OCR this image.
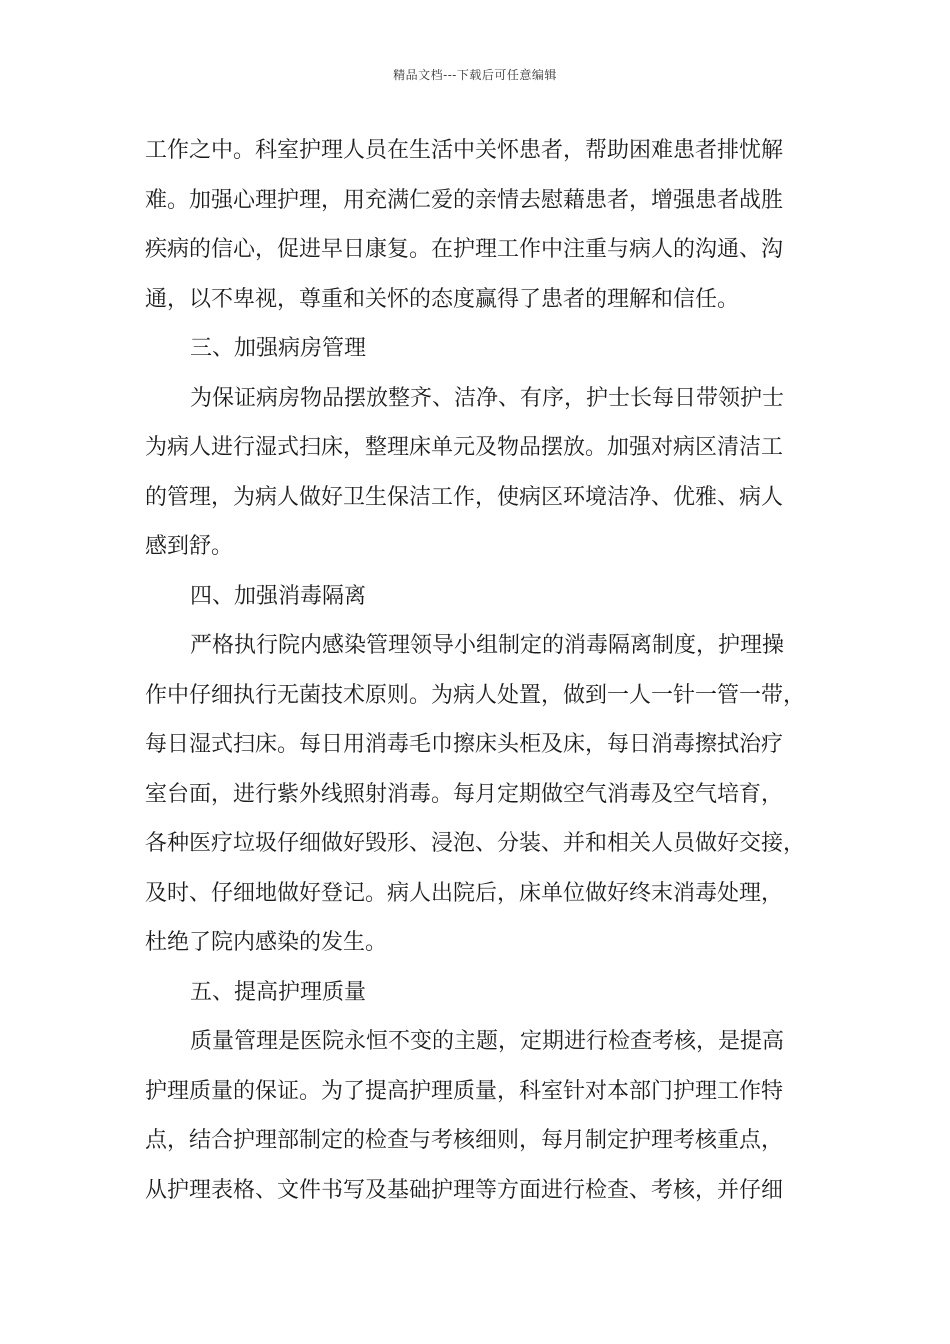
精品文档---下载后可任意编辑
工作之中。科室护理人员在生活中关怀患者，帮助困难患者排忧解
难。加强心理护理，用充满仁爱的亲情去慰藉患者，增强患者战胜
疾病的信心，促进早日康复。在护理工作中注重与病人的沟通、沟
通，以不卑视，尊重和关怀的态度赢得了患者的理解和信任。
三、加强病房管理
为保证病房物品摆放整齐、洁净、有序，护士长每日带领护士
为病人进行湿式扫床，整理床单元及物品摆放。加强对病区清洁工
的管理，为病人做好卫生保洁工作，使病区环境洁净、优雅、病人
感到舒。
四、加强消毒隔离
严格执行院内感染管理领导小组制定的消毒隔离制度，护理操
作中仔细执行无菌技术原则。为病人处置，做到一人一针一管一带，
每日湿式扫床。每日用消毒毛巾擦床头柜及床，每日消毒擦拭治疗
室台面，进行紫外线照射消毒。每月定期做空气消毒及空气培育，
各种医疗垃圾仔细做好毁形、浸泡、分装、并和相关人员做好交接，
及时、仔细地做好登记。病人出院后，床单位做好终末消毒处理，
杜绝了院内感染的发生。
五、提高护理质量
质量管理是医院永恒不变的主题，定期进行检查考核，是提高
护理质量的保证。为了提高护理质量，科室针对本部门护理工作特
点，结合护理部制定的检查与考核细则，每月制定护理考核重点，
从护理表格、文件书写及基础护理等方面进行检查、考核，并仔细
